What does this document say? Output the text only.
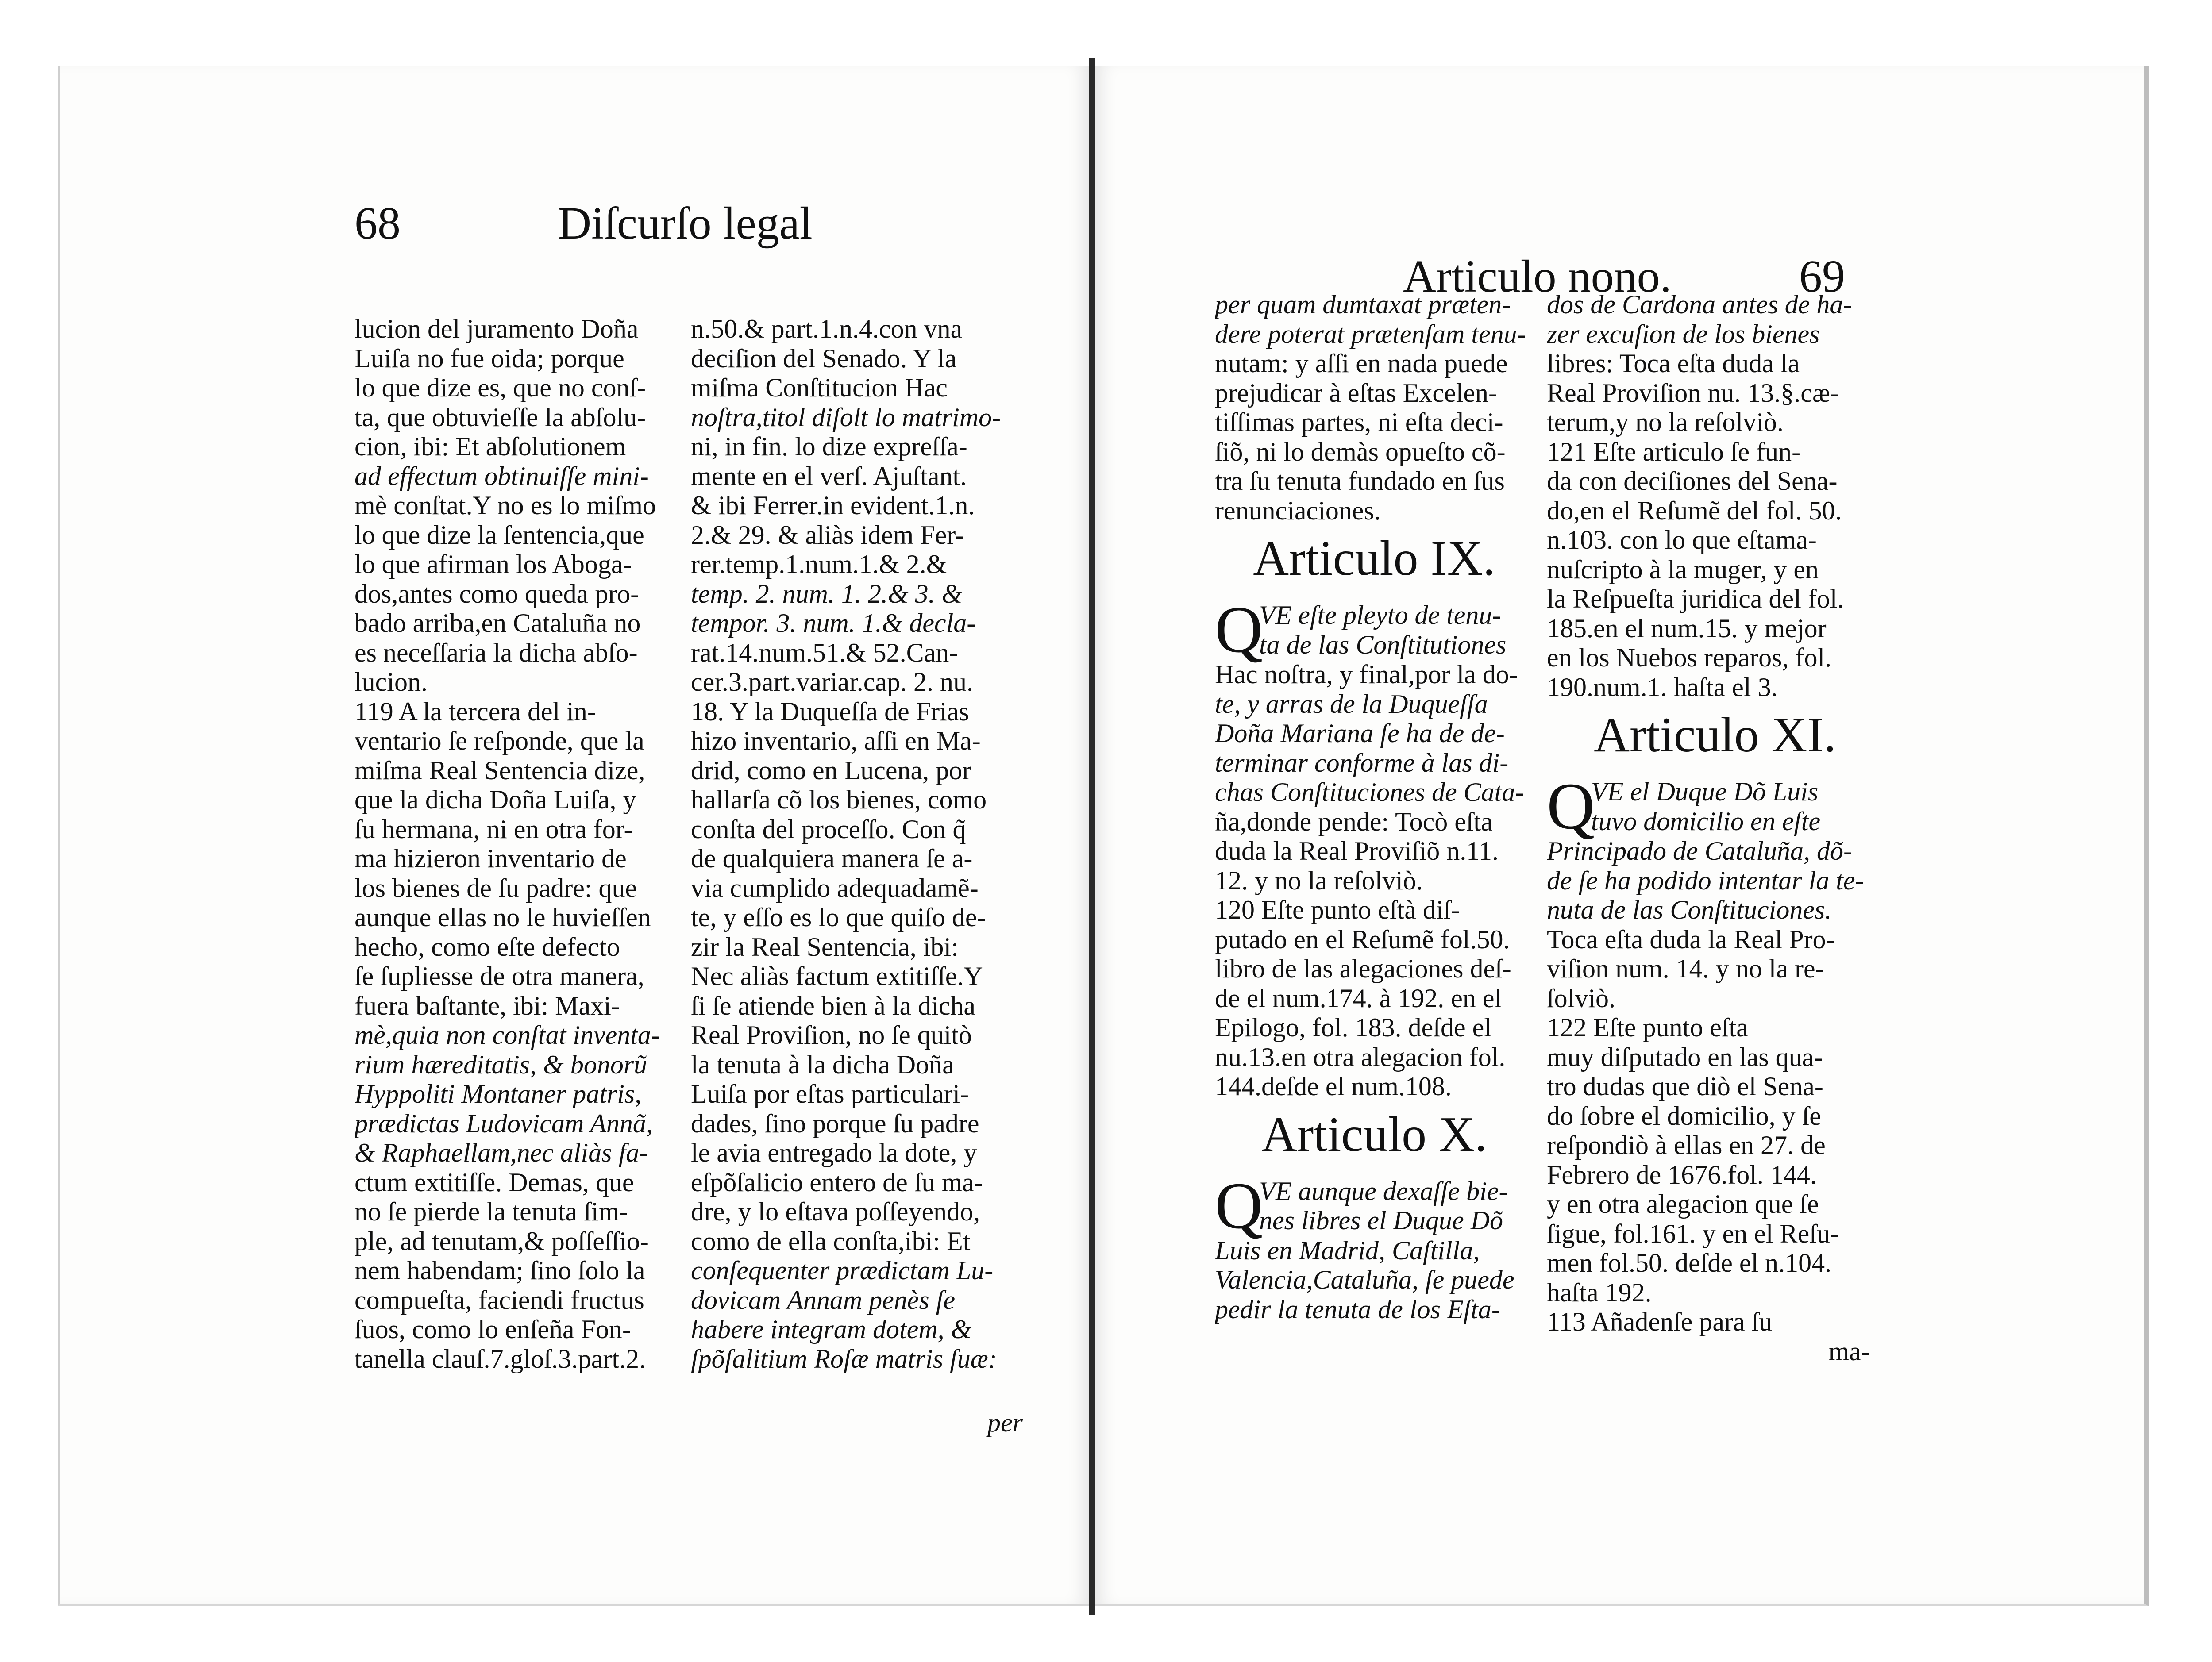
68	Diſcurſo legal
lucion del juramento Doña
Luiſa no fue oida; porque
lo que dize es, que no conſ-
ta, que obtuvieſſe la abſolu-
cion, ibi: Et abſolutionem
ad effectum obtinuiſſe mini-
mè conſtat.Y no es lo miſmo
lo que dize la ſentencia,que
lo que afirman los Aboga-
dos,antes como queda pro-
bado arriba,en Cataluña no
es neceſſaria la dicha abſo-
lucion.
119 A la tercera del in-
ventario ſe reſponde, que la
miſma Real Sentencia dize,
que la dicha Doña Luiſa, y
ſu hermana, ni en otra for-
ma hizieron inventario de
los bienes de ſu padre: que
aunque ellas no le huvieſſen
hecho, como eſte defecto
ſe ſupliesse de otra manera,
fuera baſtante, ibi: Maxi-
mè,quia non conſtat inventa-
rium hæreditatis, & bonorũ
Hyppoliti Montaner patris,
prædictas Ludovicam Annã,
& Raphaellam,nec aliàs fa-
ctum extitiſſe. Demas, que
no ſe pierde la tenuta ſim-
ple, ad tenutam,& poſſeſſio-
nem habendam; ſino ſolo la
compueſta, faciendi fructus
ſuos, como lo enſeña Fon-
tanella clauſ.7.gloſ.3.part.2.
n.50.& part.1.n.4.con vna
deciſion del Senado. Y la
miſma Conſtitucion Hac
noſtra,titol diſolt lo matrimo-
ni, in fin. lo dize expreſſa-
mente en el verſ. Ajuſtant.
& ibi Ferrer.in evident.1.n.
2.& 29. & aliàs idem Fer-
rer.temp.1.num.1.& 2.&
temp. 2. num. 1. 2.& 3. &
tempor. 3. num. 1.& decla-
rat.14.num.51.& 52.Can-
cer.3.part.variar.cap. 2. nu.
18. Y la Duqueſſa de Frias
hizo inventario, aſſi en Ma-
drid, como en Lucena, por
hallarſa cõ los bienes, como
conſta del proceſſo. Con q̃
de qualquiera manera ſe a-
via cumplido adequadamẽ-
te, y eſſo es lo que quiſo de-
zir la Real Sentencia, ibi:
Nec aliàs factum extitiſſe.Y
ſi ſe atiende bien à la dicha
Real Proviſion, no ſe quitò
la tenuta à la dicha Doña
Luiſa por eſtas particulari-
dades, ſino porque ſu padre
le avia entregado la dote, y
eſpõſalicio entero de ſu ma-
dre, y lo eſtava poſſeyendo,
como de ella conſta,ibi: Et
conſequenter prædictam Lu-
dovicam Annam penès ſe
habere integram dotem, &
ſpõſalitium Roſæ matris ſuæ:
per
Articulo nono.	69
per quam dumtaxat præten-
dere poterat prætenſam tenu-
nutam: y aſſi en nada puede
prejudicar à eſtas Excelen-
tiſſimas partes, ni eſta deci-
ſiõ, ni lo demàs opueſto cõ-
tra ſu tenuta fundado en ſus
renunciaciones.
Articulo IX.
Q
VE eſte pleyto de tenu-
ta de las Conſtitutiones
Hac noſtra, y final,por la do-
te, y arras de la Duqueſſa
Doña Mariana ſe ha de de-
terminar conforme à las di-
chas Conſtituciones de Cata-
ña,donde pende: Tocò eſta
duda la Real Proviſiõ n.11.
12. y no la reſolviò.
120 Eſte punto eſtà diſ-
putado en el Reſumẽ fol.50.
libro de las alegaciones deſ-
de el num.174. à 192. en el
Epilogo, fol. 183. deſde el
nu.13.en otra alegacion fol.
144.deſde el num.108.
Articulo X.
Q
VE aunque dexaſſe bie-
nes libres el Duque Dõ
Luis en Madrid, Caſtilla,
Valencia,Cataluña, ſe puede
pedir la tenuta de los Eſta-
dos de Cardona antes de ha-
zer excuſion de los bienes
libres: Toca eſta duda la
Real Proviſion nu. 13.§.cæ-
terum,y no la reſolviò.
121 Eſte articulo ſe fun-
da con deciſiones del Sena-
do,en el Reſumẽ del fol. 50.
n.103. con lo que eſtama-
nuſcripto à la muger, y en
la Reſpueſta juridica del fol.
185.en el num.15. y mejor
en los Nuebos reparos, fol.
190.num.1. haſta el 3.
Articulo XI.
Q
VE el Duque Dõ Luis
tuvo domicilio en eſte
Principado de Cataluña, dõ-
de ſe ha podido intentar la te-
nuta de las Conſtituciones.
Toca eſta duda la Real Pro-
viſion num. 14. y no la re-
ſolviò.
122 Eſte punto eſta
muy diſputado en las qua-
tro dudas que diò el Sena-
do ſobre el domicilio, y ſe
reſpondiò à ellas en 27. de
Febrero de 1676.fol. 144.
y en otra alegacion que ſe
ſigue, fol.161. y en el Reſu-
men fol.50. deſde el n.104.
haſta 192.
113 Añadenſe para ſu
ma-
